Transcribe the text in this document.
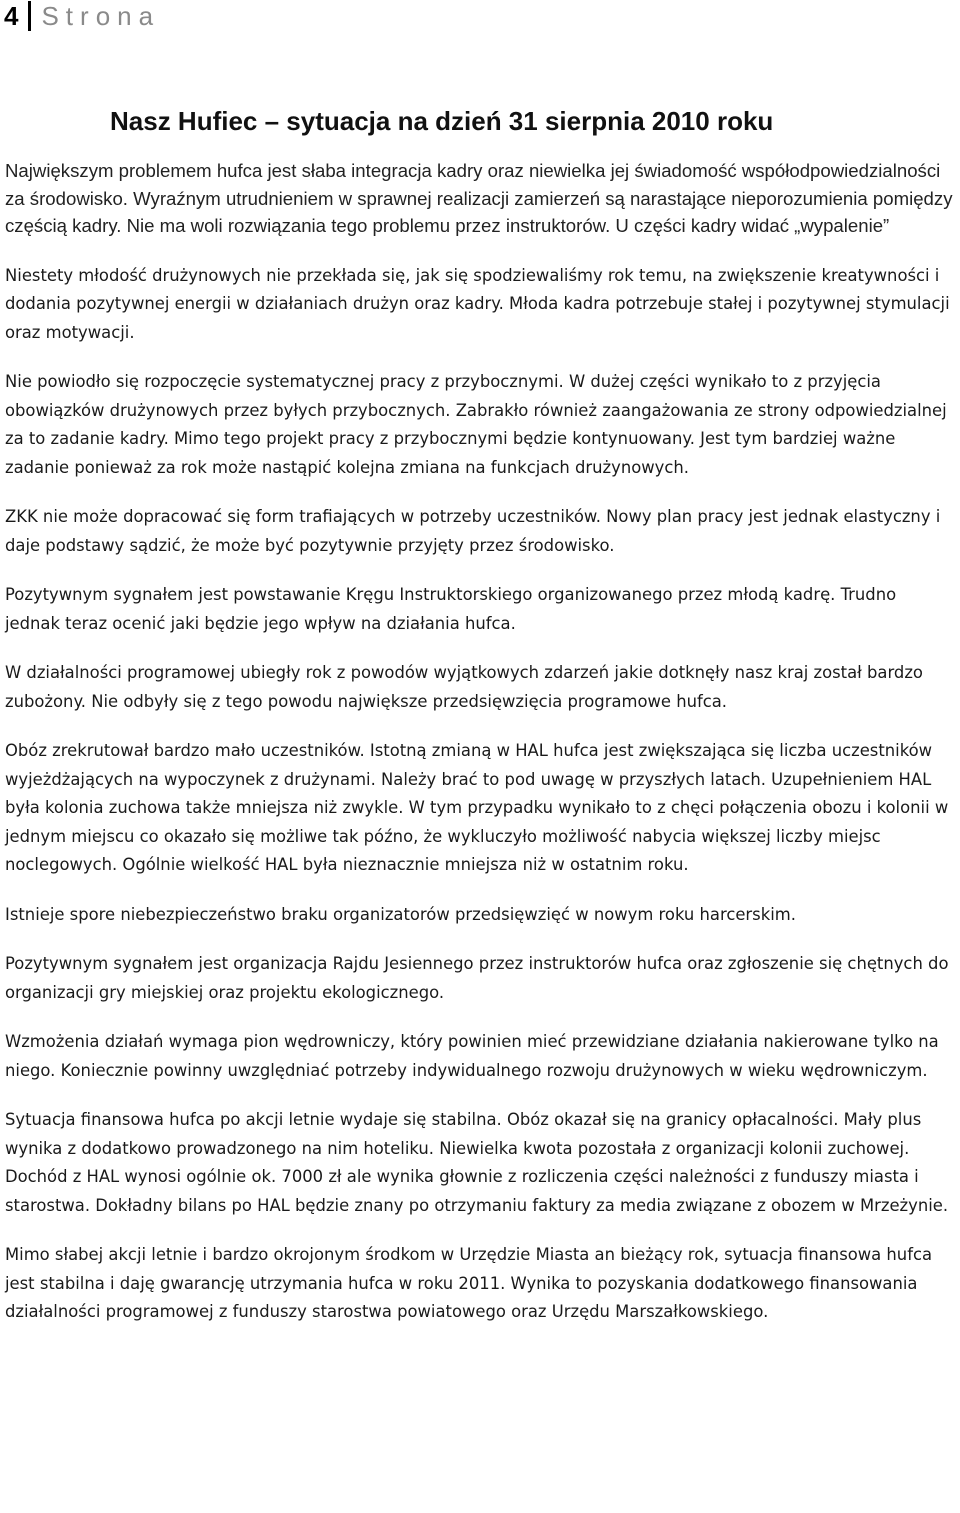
4 Strona
Nasz Hufiec – sytuacja na dzień 31 sierpnia 2010 roku

Największym problemem hufca jest słaba integracja kadry oraz niewielka jej świadomość współodpowiedzialności za środowisko. Wyraźnym utrudnieniem w sprawnej realizacji zamierzeń są narastające nieporozumienia pomiędzy częścią kadry. Nie ma woli rozwiązania tego problemu przez instruktorów. U części kadry widać „wypalenie”

Niestety młodość drużynowych nie przekłada się, jak się spodziewaliśmy rok temu, na zwiększenie kreatywności i dodania pozytywnej energii w działaniach drużyn oraz kadry. Młoda kadra potrzebuje stałej i pozytywnej stymulacji oraz motywacji.

Nie powiodło się rozpoczęcie systematycznej pracy z przybocznymi. W dużej części wynikało to z przyjęcia obowiązków drużynowych przez byłych przybocznych. Zabrakło również zaangażowania ze strony odpowiedzialnej za to zadanie kadry. Mimo tego projekt pracy z przybocznymi będzie kontynuowany. Jest tym bardziej ważne zadanie ponieważ za rok może nastąpić kolejna zmiana na funkcjach drużynowych.

ZKK nie może dopracować się form trafiających w potrzeby uczestników. Nowy plan pracy jest jednak elastyczny i daje podstawy sądzić, że może być pozytywnie przyjęty przez środowisko.

Pozytywnym sygnałem jest powstawanie Kręgu Instruktorskiego organizowanego przez młodą kadrę. Trudno jednak teraz ocenić jaki będzie jego wpływ na działania hufca.

W działalności programowej ubiegły rok z powodów wyjątkowych zdarzeń jakie dotknęły nasz kraj został bardzo zubożony. Nie odbyły się z tego powodu największe przedsięwzięcia programowe hufca.

Obóz zrekrutował bardzo mało uczestników. Istotną zmianą w HAL hufca jest zwiększająca się liczba uczestników wyjeżdżających na wypoczynek z drużynami. Należy brać to pod uwagę w przyszłych latach. Uzupełnieniem HAL była kolonia zuchowa także mniejsza niż zwykle. W tym przypadku wynikało to z chęci połączenia obozu i kolonii w jednym miejscu co okazało się możliwe tak późno, że wykluczyło możliwość nabycia większej liczby miejsc noclegowych. Ogólnie wielkość HAL była nieznacznie mniejsza niż w ostatnim roku.

Istnieje spore niebezpieczeństwo braku organizatorów przedsięwzięć w nowym roku harcerskim.

Pozytywnym sygnałem jest organizacja Rajdu Jesiennego przez instruktorów hufca oraz zgłoszenie się chętnych do organizacji gry miejskiej oraz projektu ekologicznego.

Wzmożenia działań wymaga pion wędrowniczy, który powinien mieć przewidziane działania nakierowane tylko na niego. Koniecznie powinny uwzględniać potrzeby indywidualnego rozwoju drużynowych w wieku wędrowniczym.

Sytuacja finansowa hufca po akcji letnie wydaje się stabilna. Obóz okazał się na granicy opłacalności. Mały plus wynika z dodatkowo prowadzonego na nim hoteliku. Niewielka kwota pozostała z organizacji kolonii zuchowej. Dochód z HAL wynosi ogólnie ok. 7000 zł ale wynika głownie z rozliczenia części należności z funduszy miasta i starostwa. Dokładny bilans po HAL będzie znany po otrzymaniu faktury za media związane z obozem w Mrzeżynie.

Mimo słabej akcji letnie i bardzo okrojonym środkom w Urzędzie Miasta an bieżący rok, sytuacja finansowa hufca jest stabilna i daję gwarancję utrzymania hufca w roku 2011. Wynika to pozyskania dodatkowego finansowania działalności programowej z funduszy starostwa powiatowego oraz Urzędu Marszałkowskiego.
